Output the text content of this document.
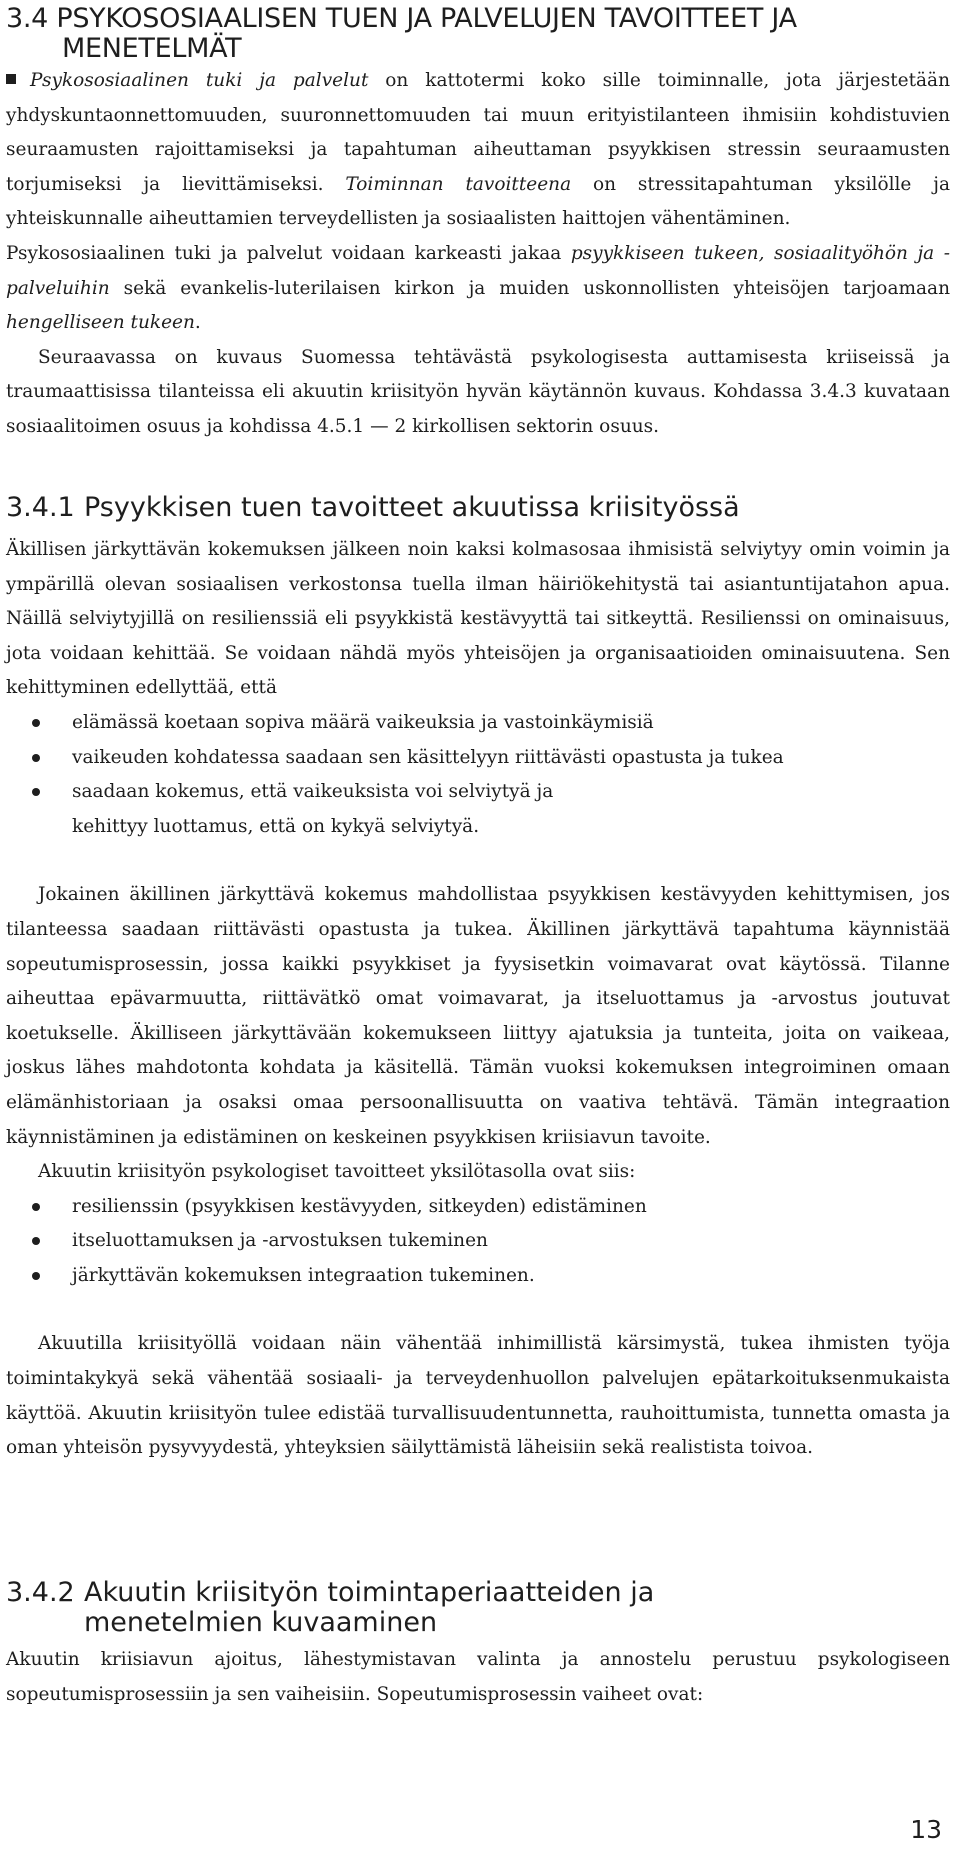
3.4 PSYKOSOSIAALISEN TUEN JA PALVELUJEN TAVOITTEET JA MENETELMÄT

Psykososiaalinen tuki ja palvelut on kattotermi koko sille toiminnalle, jota järjestetään yhdyskuntaonnettomuuden, suuronnettomuuden tai muun erityistilanteen ihmisiin kohdistuvien seuraamusten rajoittamiseksi ja tapahtuman aiheuttaman psyykkisen stressin seuraamusten torjumiseksi ja lievittämiseksi. Toiminnan tavoitteena on stressitapahtuman yksilölle ja yhteiskunnalle aiheuttamien terveydellisten ja sosiaalisten haittojen vähentäminen.

Psykososiaalinen tuki ja palvelut voidaan karkeasti jakaa psyykkiseen tukeen, sosiaalityöhön ja -palveluihin sekä evankelis-luterilaisen kirkon ja muiden uskonnollisten yhteisöjen tarjoamaan hengelliseen tukeen.

Seuraavassa on kuvaus Suomessa tehtävästä psykologisesta auttamisesta kriiseissä ja traumaattisissa tilanteissa eli akuutin kriisityön hyvän käytännön kuvaus. Kohdassa 3.4.3 kuvataan sosiaalitoimen osuus ja kohdissa 4.5.1 — 2 kirkollisen sektorin osuus.

3.4.1 Psyykkisen tuen tavoitteet akuutissa kriisityössä

Äkillisen järkyttävän kokemuksen jälkeen noin kaksi kolmasosaa ihmisistä selviytyy omin voimin ja ympärillä olevan sosiaalisen verkostonsa tuella ilman häiriökehitystä tai asiantuntijatahon apua. Näillä selviytyjillä on resilienssiä eli psyykkistä kestävyyttä tai sitkeyttä. Resilienssi on ominaisuus, jota voidaan kehittää. Se voidaan nähdä myös yhteisöjen ja organisaatioiden ominaisuutena. Sen kehittyminen edellyttää, että

elämässä koetaan sopiva määrä vaikeuksia ja vastoinkäymisiä
vaikeuden kohdatessa saadaan sen käsittelyyn riittävästi opastusta ja tukea
saadaan kokemus, että vaikeuksista voi selviytyä ja kehittyy luottamus, että on kykyä selviytyä.

Jokainen äkillinen järkyttävä kokemus mahdollistaa psyykkisen kestävyyden kehittymisen, jos tilanteessa saadaan riittävästi opastusta ja tukea. Äkillinen järkyttävä tapahtuma käynnistää sopeutumisprosessin, jossa kaikki psyykkiset ja fyysisetkin voimavarat ovat käytössä. Tilanne aiheuttaa epävarmuutta, riittävätkö omat voimavarat, ja itseluottamus ja -arvostus joutuvat koetukselle. Äkilliseen järkyttävään kokemukseen liittyy ajatuksia ja tunteita, joita on vaikeaa, joskus lähes mahdotonta kohdata ja käsitellä. Tämän vuoksi kokemuksen integroiminen omaan elämänhistoriaan ja osaksi omaa persoonallisuutta on vaativa tehtävä. Tämän integraation käynnistäminen ja edistäminen on keskeinen psyykkisen kriisiavun tavoite.

Akuutin kriisityön psykologiset tavoitteet yksilötasolla ovat siis:

resilienssin (psyykkisen kestävyyden, sitkeyden) edistäminen
itseluottamuksen ja -arvostuksen tukeminen
järkyttävän kokemuksen integraation tukeminen.

Akuutilla kriisityöllä voidaan näin vähentää inhimillistä kärsimystä, tukea ihmisten työja toimintakykyä sekä vähentää sosiaali- ja terveydenhuollon palvelujen epätarkoituksenmukaista käyttöä. Akuutin kriisityön tulee edistää turvallisuudentunnetta, rauhoittumista, tunnetta omasta ja oman yhteisön pysyvyydestä, yhteyksien säilyttämistä läheisiin sekä realistista toivoa.

3.4.2 Akuutin kriisityön toimintaperiaatteiden ja
menetelmien kuvaaminen

Akuutin kriisiavun ajoitus, lähestymistavan valinta ja annostelu perustuu psykologiseen sopeutumisprosessiin ja sen vaiheisiin. Sopeutumisprosessin vaiheet ovat:

13
